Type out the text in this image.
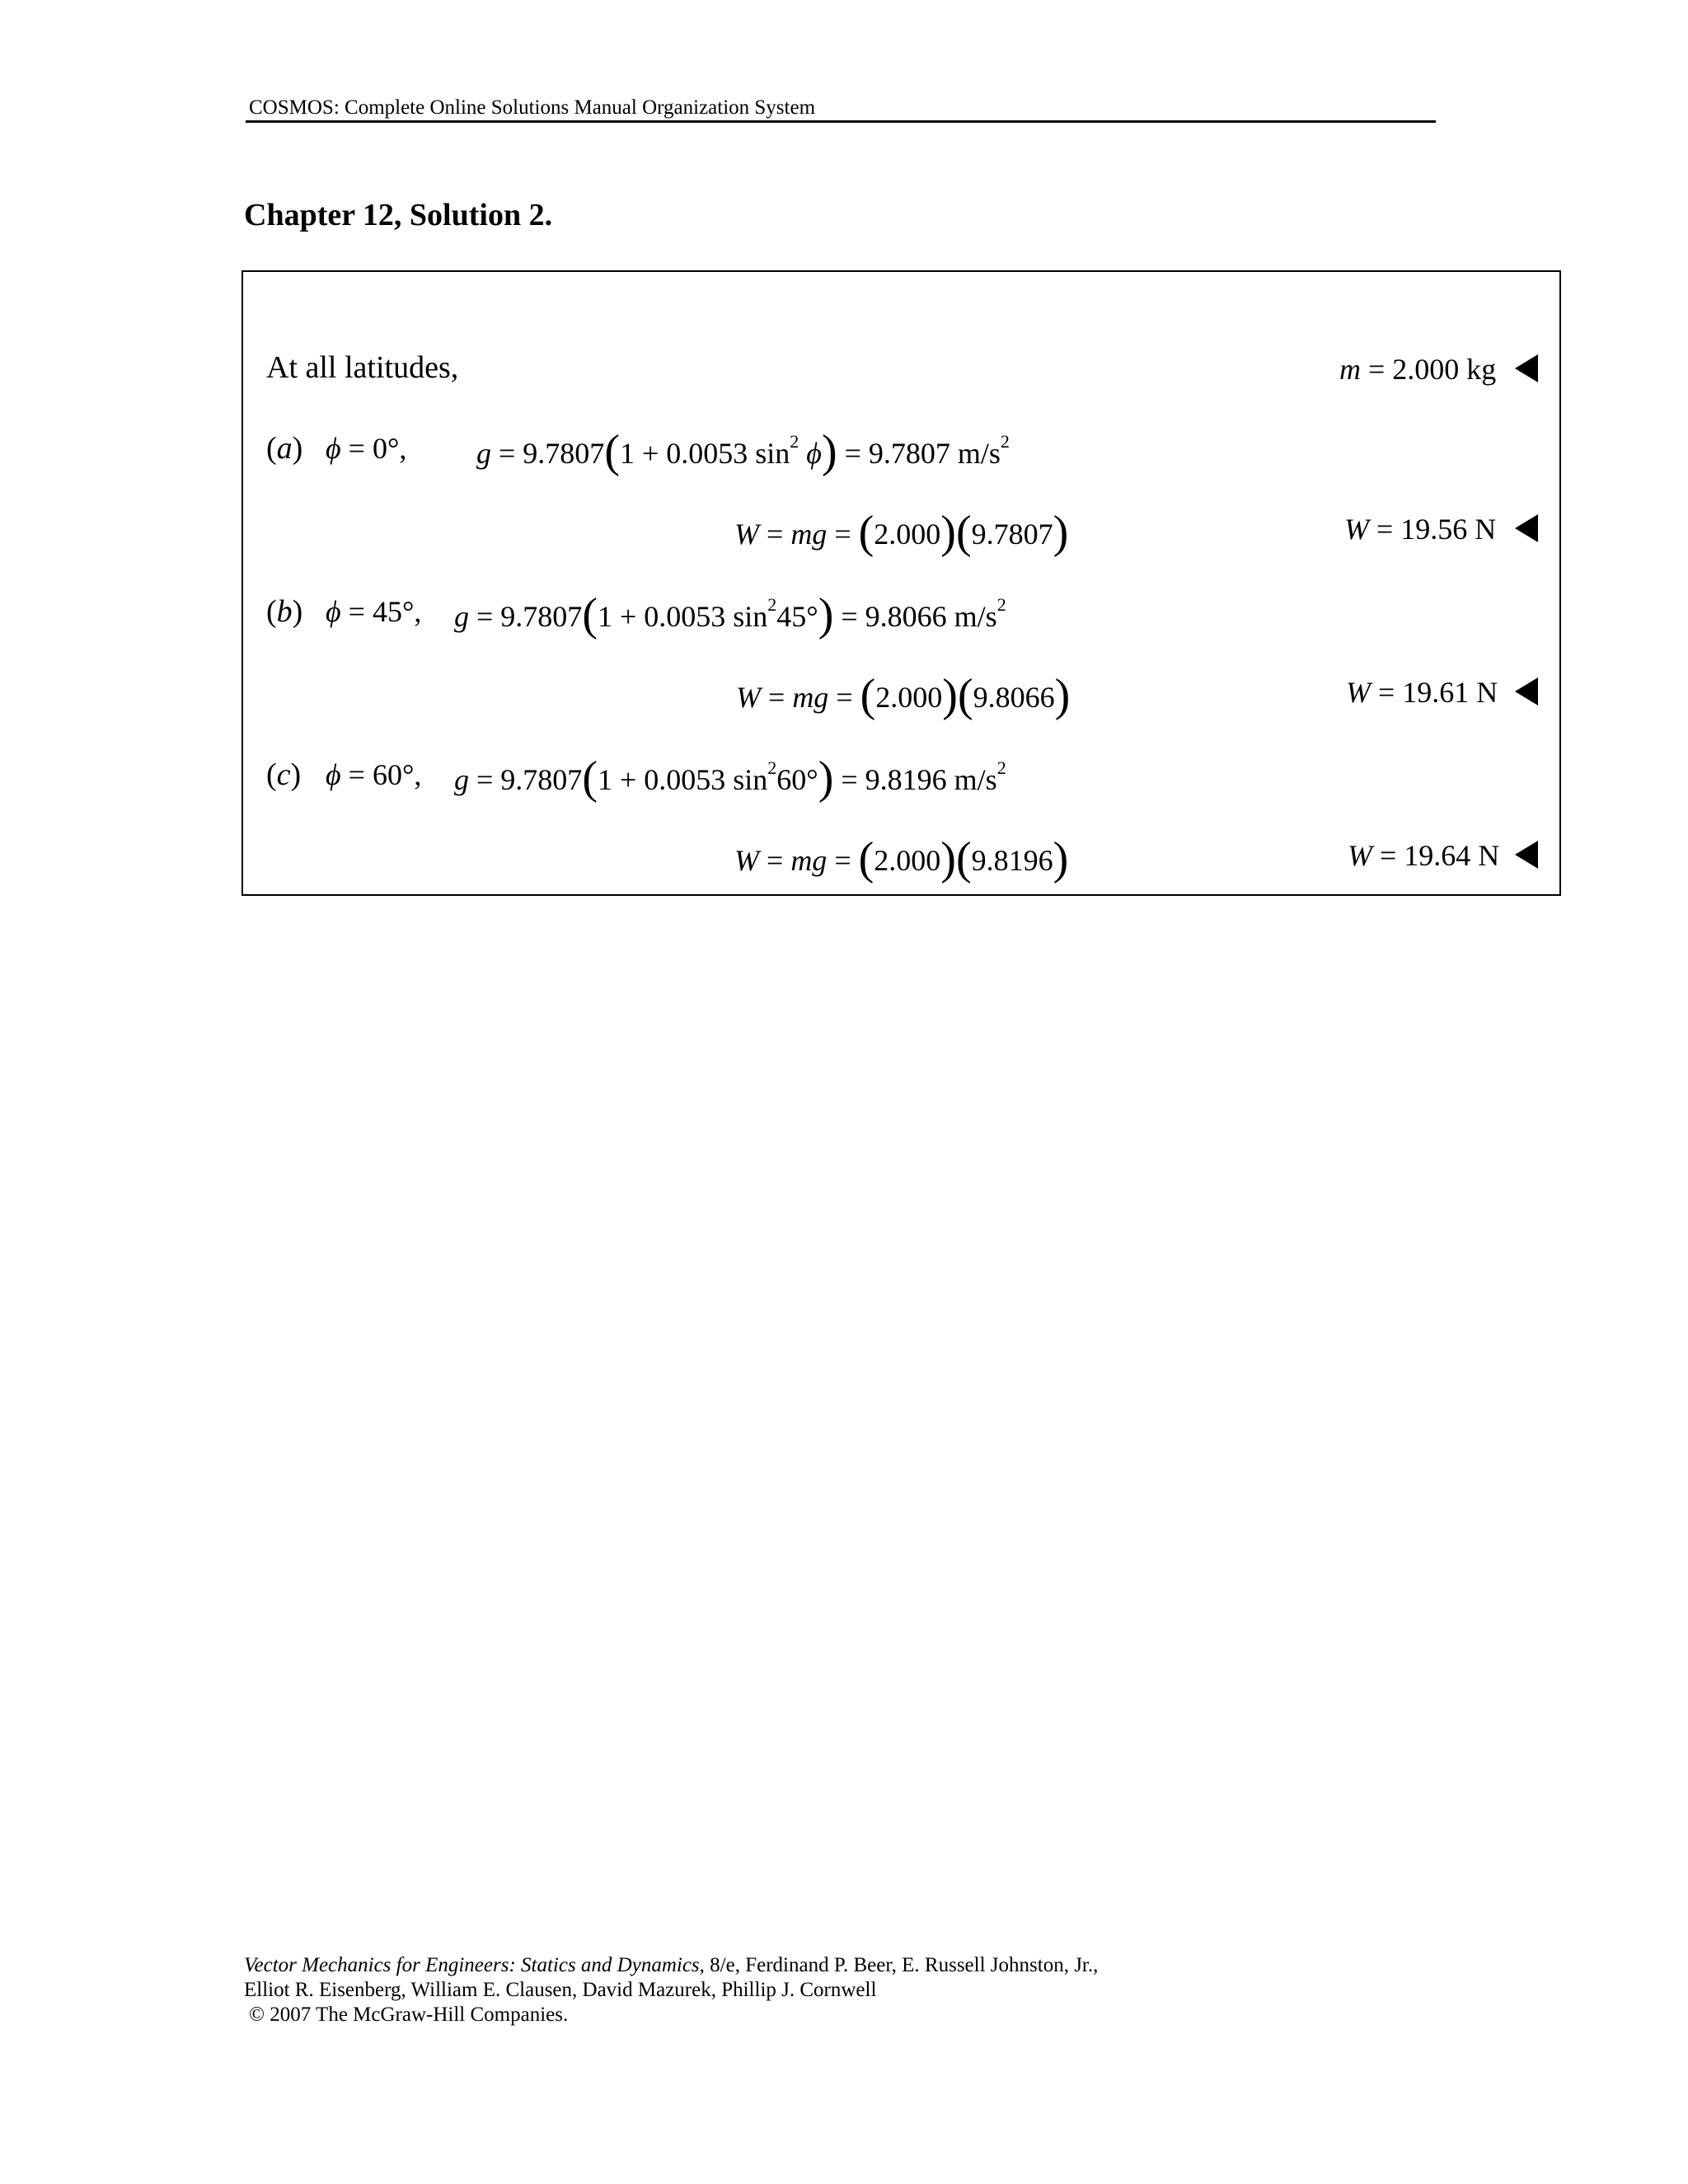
COSMOS: Complete Online Solutions Manual Organization System
Chapter 12, Solution 2.
At all latitudes,	m = 2.000 kg
(a) ϕ = 0°, g = 9.7807(1 + 0.0053 $\sin^2 \phi) = 9.7807$ $m/s^2$
W = mg = (2.000)(9.7807)	W = 19.56 N
(b) ϕ = 45°, g = 9.7807(1 + 0.0053 $\sin^245^\circ) = 9.8066$ $m/s^2$
W = mg = (2.000)(9.8066)	W = 19.61 N
(c) ϕ = 60°, g = 9.7807(1 + 0.0053 $\sin^260^\circ) = 9.8196$ $m/s^2$
W = mg = (2.000)(9.8196)	W = 19.64 N
Vector Mechanics for Engineers: Statics and Dynamics, 8/e, Ferdinand P. Beer, E. Russell Johnston, Jr.,
Elliot R. Eisenberg, William E. Clausen, David Mazurek, Phillip J. Cornwell
© 2007 The McGraw-Hill Companies.
